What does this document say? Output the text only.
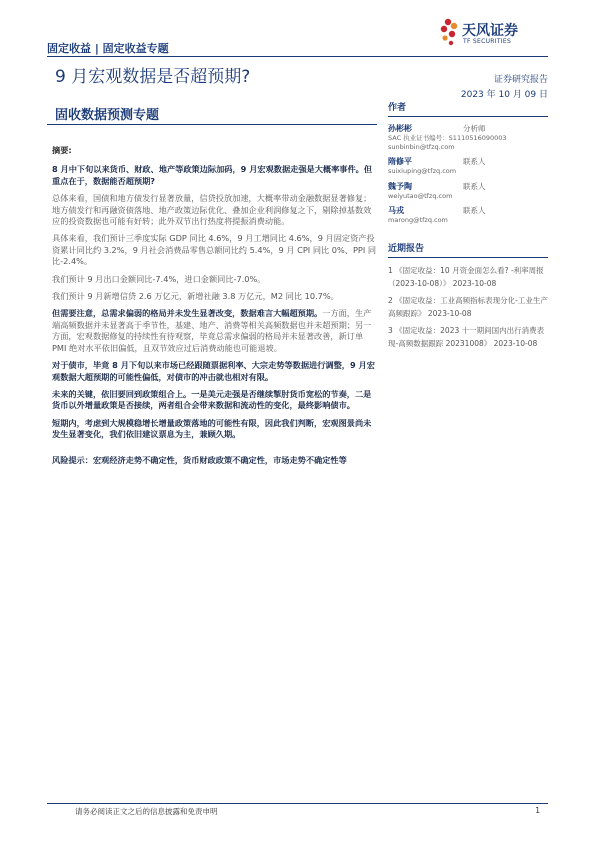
固定收益 | 固定收益专题
天风证券
TF SECURITIES
9 月宏观数据是否超预期?	证券研究报告
2023 年 10 月 09 日
固收数据预测专题
摘要:

8 月中下旬以来货币、财政、地产等政策边际加码，9 月宏观数据走强是大概率事件。但重点在于，数据能否超预期?

总体来看，国债和地方债发行显著放量，信贷投放加速，大概率带动金融数据显著修复；地方债发行和再融资债落地、地产政策边际优化、叠加企业利润修复之下，剔除掉基数效应的投资数据也可能有好转；此外双节出行热度将提振消费动能。

具体来看，我们预计三季度实际 GDP 同比 4.6%，9 月工增同比 4.6%，9 月固定资产投资累计同比约 3.2%，9 月社会消费品零售总额同比约 5.4%，9 月 CPI 同比 0%、PPI 同比-2.4%。

我们预计 9 月出口金额同比-7.4%，进口金额同比-7.0%。

我们预计 9 月新增信贷 2.6 万亿元，新增社融 3.8 万亿元，M2 同比 10.7%。

但需要注意，总需求偏弱的格局并未发生显著改变，数据难言大幅超预期。一方面，生产端高频数据并未显著高于季节性，基建、地产、消费等相关高频数据也并未超预期；另一方面，宏观数据修复的持续性有待观察，毕竟总需求偏弱的格局并未显著改善，新订单 PMI 绝对水平依旧偏低，且双节效应过后消费动能也可能退坡。

对于债市，毕竟 8 月下旬以来市场已经跟随票据利率、大宗走势等数据进行调整，9 月宏观数据大超预期的可能性偏低，对债市的冲击就也相对有限。

未来的关键，依旧要回到政策组合上。一是美元走强是否继续掣肘货币宽松的节奏，二是货币以外增量政策是否接续，两者组合会带来数据和流动性的变化，最终影响债市。

短期内，考虑到大规模稳增长增量政策落地的可能性有限，因此我们判断，宏观图景尚未发生显著变化，我们依旧建议票息为主，兼顾久期。

风险提示：宏观经济走势不确定性，货币财政政策不确定性，市场走势不确定性等

作者
孙彬彬	分析师
SAC 执业证书编号：S1110516090003
sunbinbin@tfzq.com
隋修平	联系人
suixiuping@tfzq.com
魏予陶	联系人
weiyutao@tfzq.com
马戎	联系人
marong@tfzq.com
近期报告
1 《固定收益：10 月资金面怎么看? -利率周报（2023-10-08）》 2023-10-08
2 《固定收益：工业高频指标表现分化-工业生产高频跟踪》 2023-10-08
3 《固定收益：2023 十一期间国内出行消费表现-高频数据跟踪 20231008》 2023-10-08
请务必阅读正文之后的信息披露和免责申明	1
